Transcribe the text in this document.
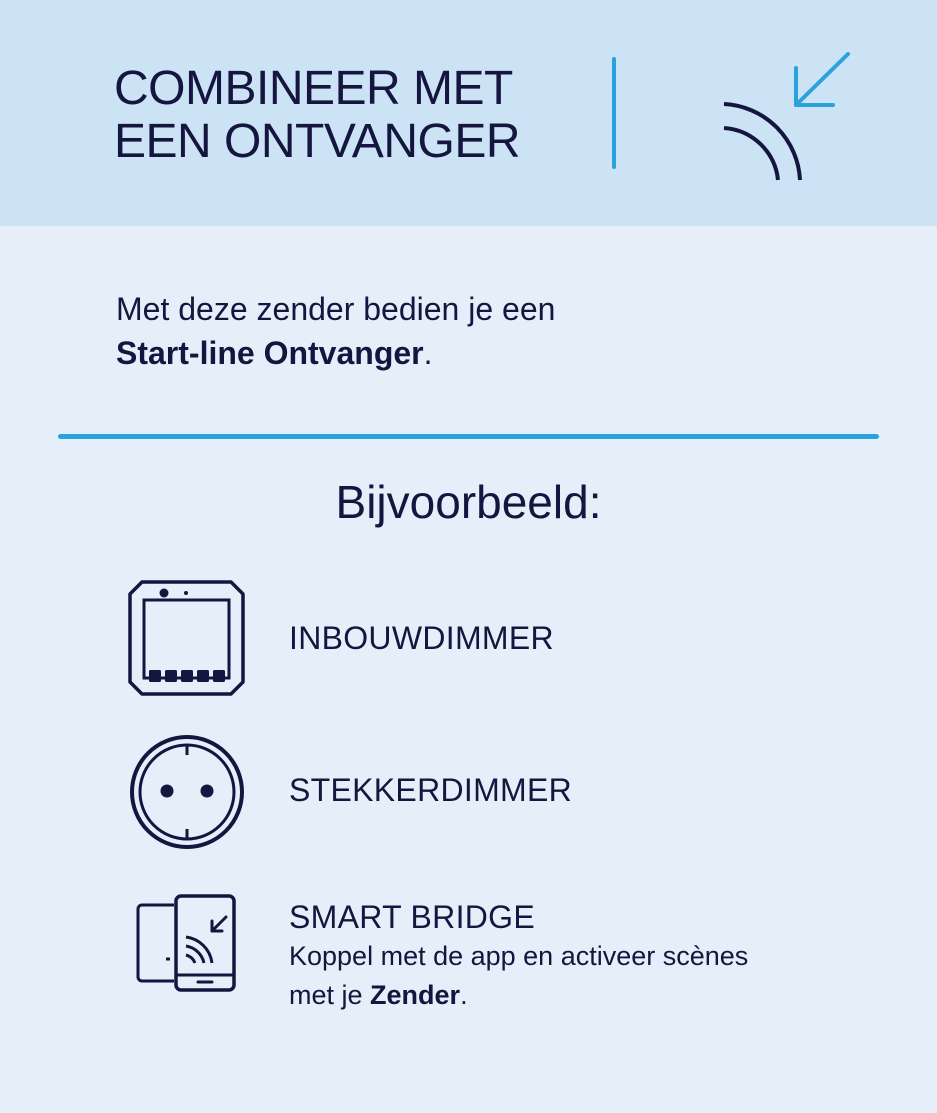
COMBINEER MET
EEN ONTVANGER
Met deze zender bedien je een
Start-line Ontvanger.
Bijvoorbeeld:
INBOUWDIMMER
STEKKERDIMMER
SMART BRIDGE
Koppel met de app en activeer scènes
met je Zender.
